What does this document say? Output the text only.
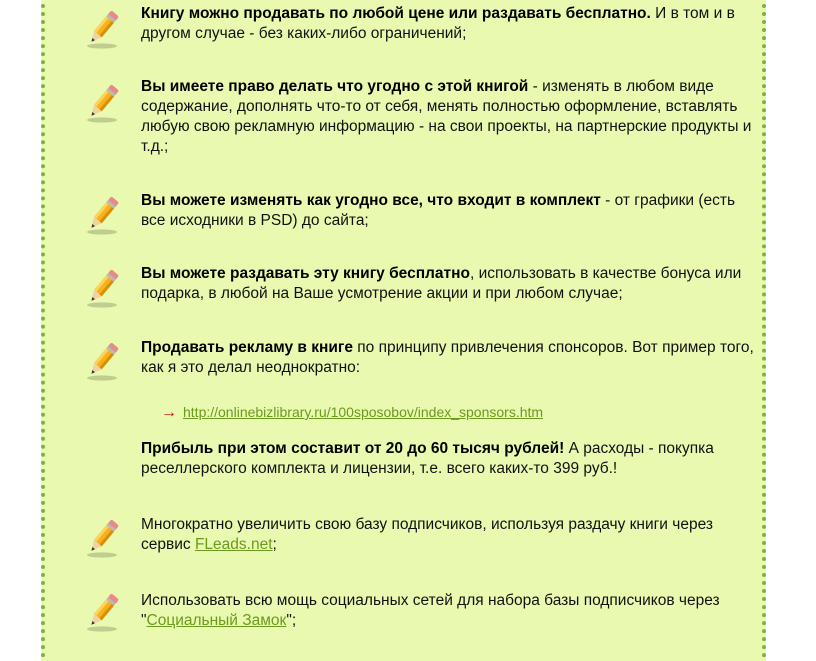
Книгу можно продавать по любой цене или раздавать бесплатно. И в том и в другом случае - без каких-либо ограничений;
Вы имеете право делать что угодно с этой книгой - изменять в любом виде содержание, дополнять что-то от себя, менять полностью оформление, вставлять любую свою рекламную информацию - на свои проекты, на партнерские продукты и т.д.;
Вы можете изменять как угодно все, что входит в комплект - от графики (есть все исходники в PSD) до сайта;
Вы можете раздавать эту книгу бесплатно, использовать в качестве бонуса или подарка, в любой на Ваше усмотрение акции и при любом случае;
Продавать рекламу в книге по принципу привлечения спонсоров. Вот пример того, как я это делал неоднократно:
→ http://onlinebizlibrary.ru/100sposobov/index_sponsors.htm
Прибыль при этом составит от 20 до 60 тысяч рублей! А расходы - покупка реселлерского комплекта и лицензии, т.е. всего каких-то 399 руб.!
Многократно увеличить свою базу подписчиков, используя раздачу книги через сервис FLeads.net;
Использовать всю мощь социальных сетей для набора базы подписчиков через "Социальный Замок";
